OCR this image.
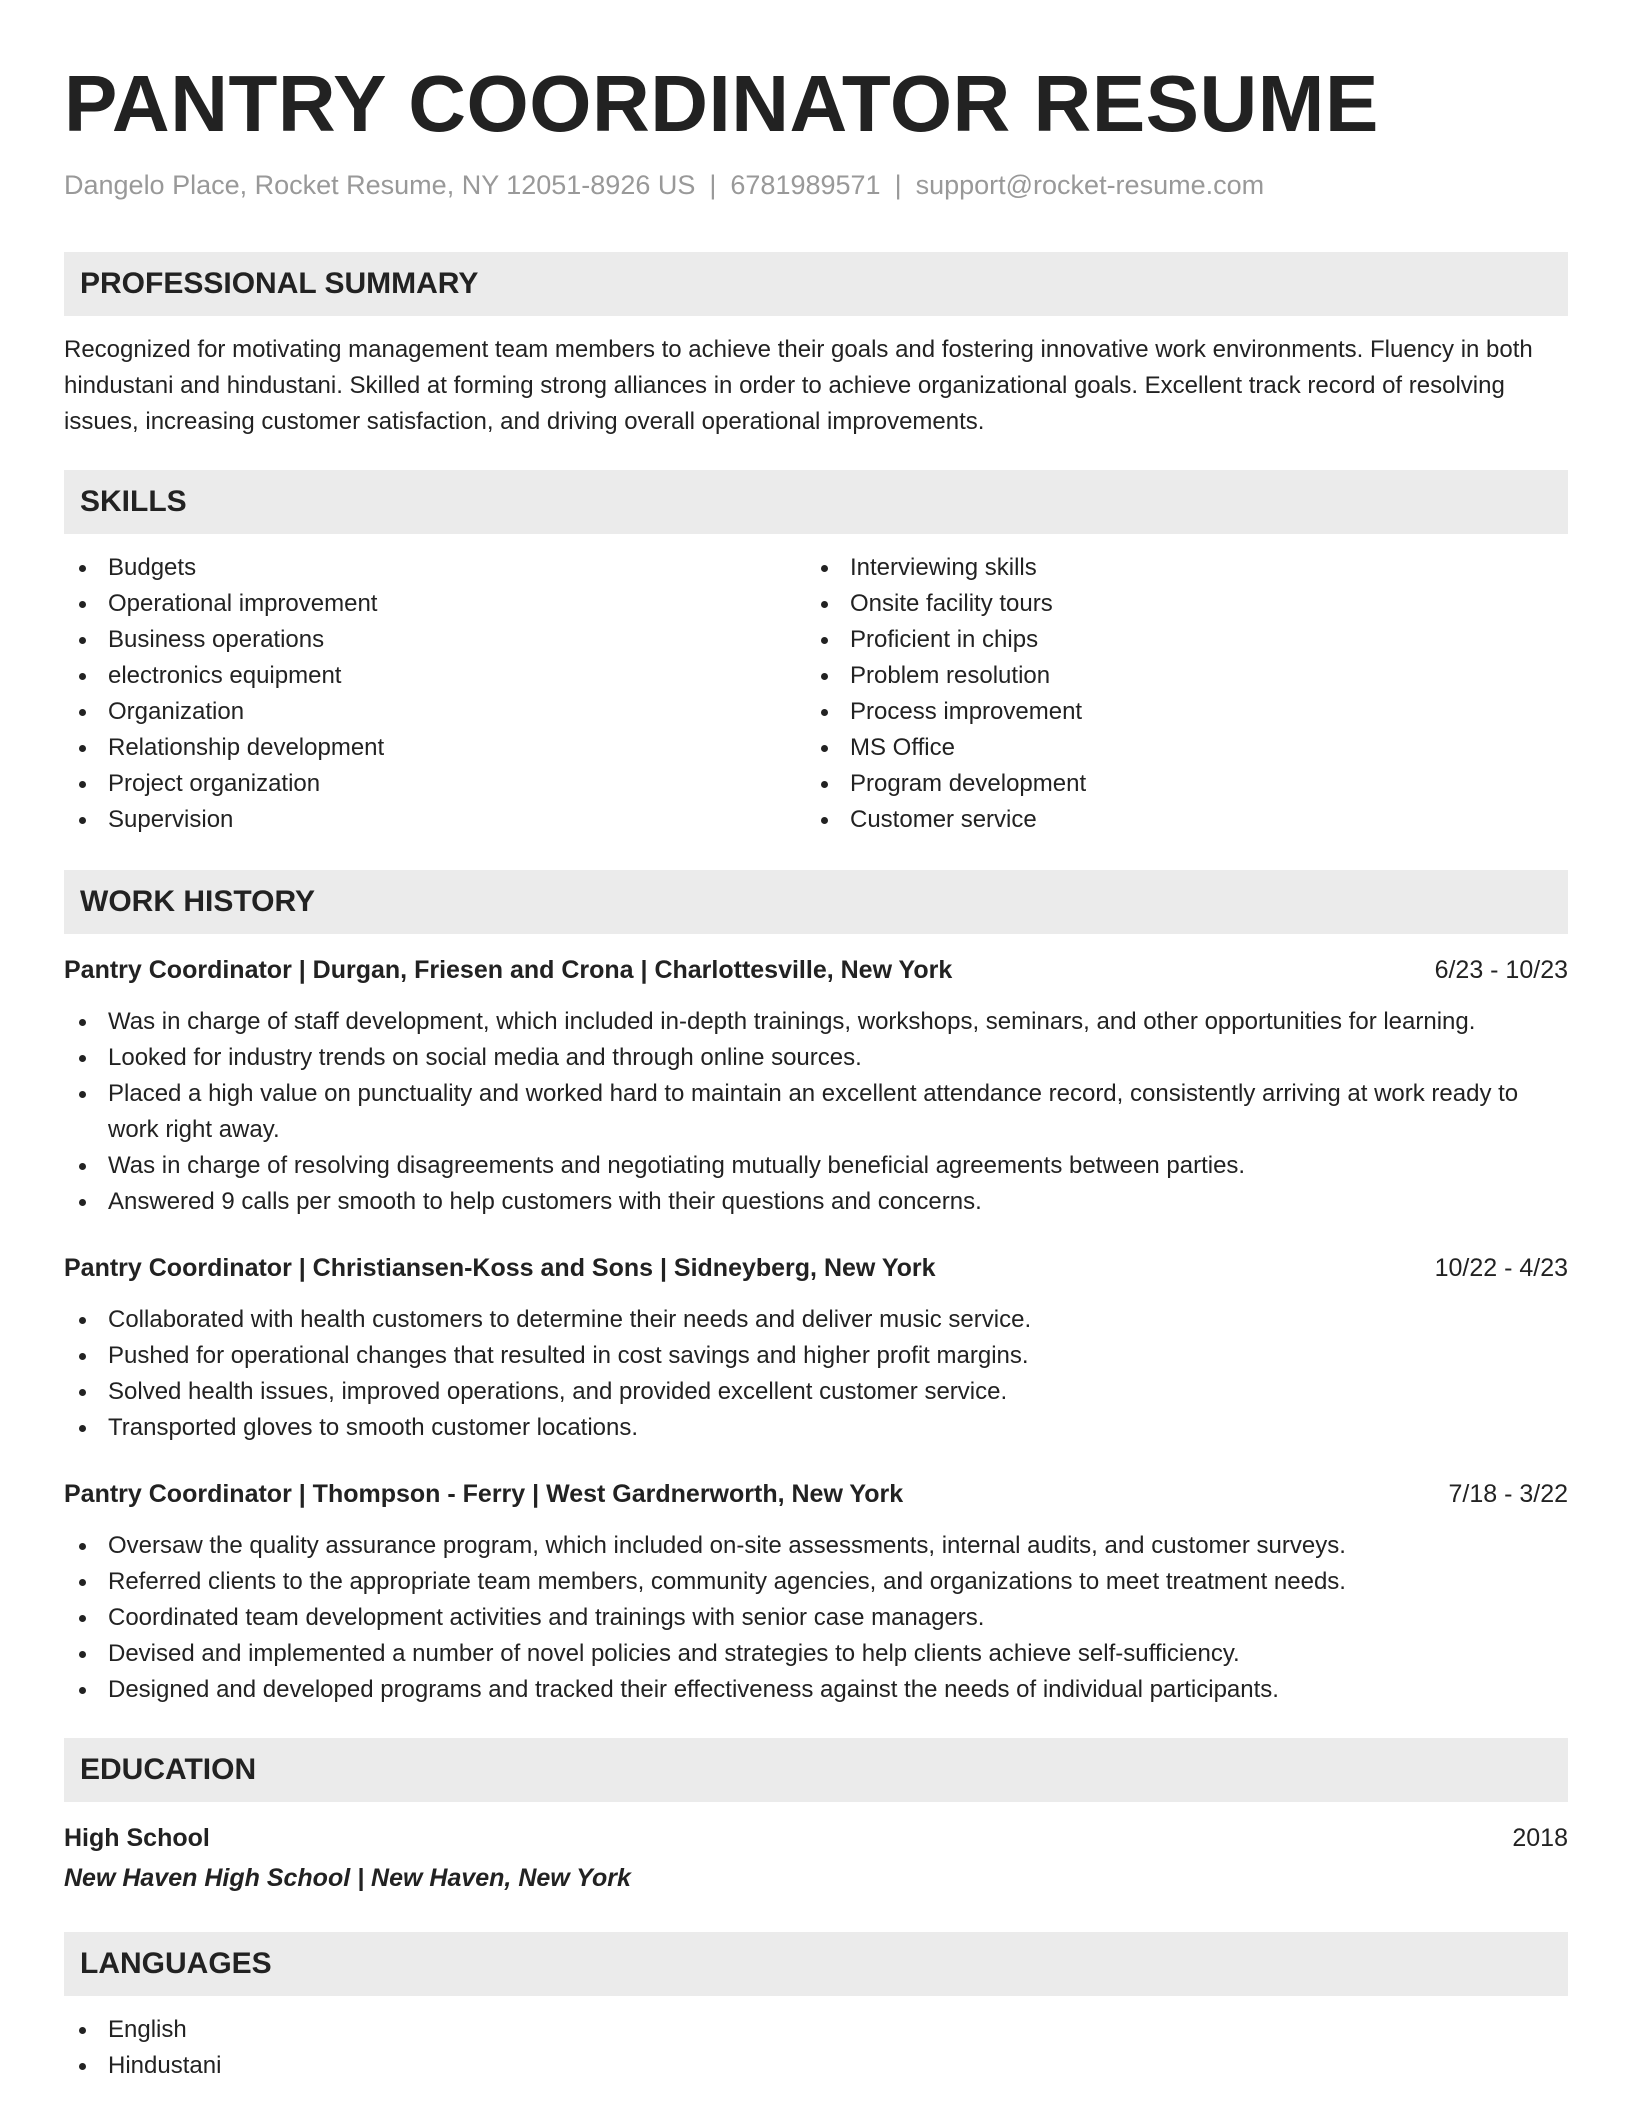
PANTRY COORDINATOR RESUME
Dangelo Place, Rocket Resume, NY 12051-8926 US | 6781989571 | support@rocket-resume.com
PROFESSIONAL SUMMARY

Recognized for motivating management team members to achieve their goals and fostering innovative work environments. Fluency in both hindustani and hindustani. Skilled at forming strong alliances in order to achieve organizational goals. Excellent track record of resolving issues, increasing customer satisfaction, and driving overall operational improvements.

SKILLS
Budgets
Operational improvement
Business operations
electronics equipment
Organization
Relationship development
Project organization
Supervision
Interviewing skills
Onsite facility tours
Proficient in chips
Problem resolution
Process improvement
MS Office
Program development
Customer service
WORK HISTORY
Pantry Coordinator | Durgan, Friesen and Crona | Charlottesville, New York	6/23 - 10/23
Was in charge of staff development, which included in-depth trainings, workshops, seminars, and other opportunities for learning.
Looked for industry trends on social media and through online sources.
Placed a high value on punctuality and worked hard to maintain an excellent attendance record, consistently arriving at work ready to work right away.
Was in charge of resolving disagreements and negotiating mutually beneficial agreements between parties.
Answered 9 calls per smooth to help customers with their questions and concerns.
Pantry Coordinator | Christiansen-Koss and Sons | Sidneyberg, New York	10/22 - 4/23
Collaborated with health customers to determine their needs and deliver music service.
Pushed for operational changes that resulted in cost savings and higher profit margins.
Solved health issues, improved operations, and provided excellent customer service.
Transported gloves to smooth customer locations.
Pantry Coordinator | Thompson - Ferry | West Gardnerworth, New York	7/18 - 3/22
Oversaw the quality assurance program, which included on-site assessments, internal audits, and customer surveys.
Referred clients to the appropriate team members, community agencies, and organizations to meet treatment needs.
Coordinated team development activities and trainings with senior case managers.
Devised and implemented a number of novel policies and strategies to help clients achieve self-sufficiency.
Designed and developed programs and tracked their effectiveness against the needs of individual participants.
EDUCATION
High School	2018
New Haven High School | New Haven, New York
LANGUAGES
English
Hindustani
